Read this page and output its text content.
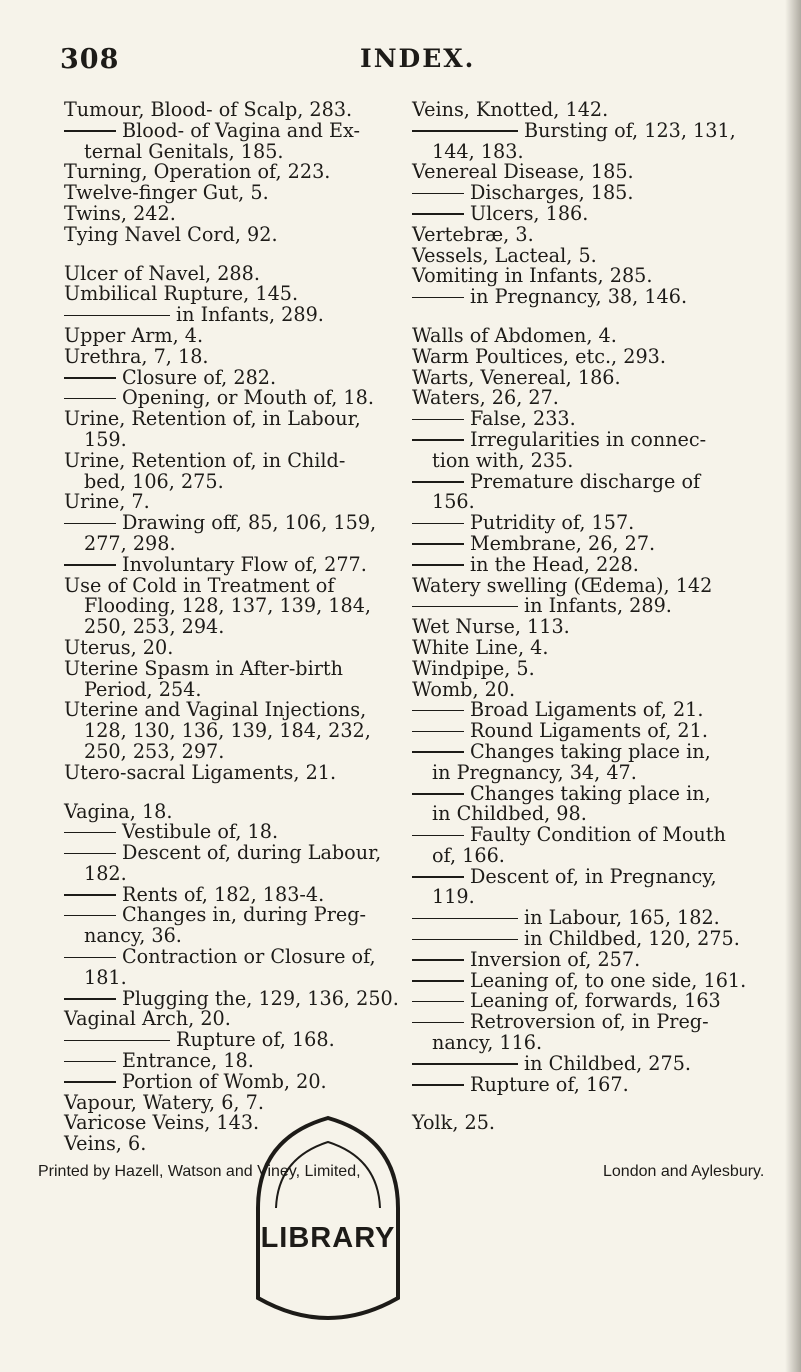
308	INDEX.
Tumour, Blood- of Scalp, 283.
Blood- of Vagina and Ex-
ternal Genitals, 185.
Turning, Operation of, 223.
Twelve-finger Gut, 5.
Twins, 242.
Tying Navel Cord, 92.
Ulcer of Navel, 288.
Umbilical Rupture, 145.
in Infants, 289.
Upper Arm, 4.
Urethra, 7, 18.
Closure of, 282.
Opening, or Mouth of, 18.
Urine, Retention of, in Labour,
159.
Urine, Retention of, in Child-
bed, 106, 275.
Urine, 7.
Drawing off, 85, 106, 159,
277, 298.
Involuntary Flow of, 277.
Use of Cold in Treatment of
Flooding, 128, 137, 139, 184,
250, 253, 294.
Uterus, 20.
Uterine Spasm in After-birth
Period, 254.
Uterine and Vaginal Injections,
128, 130, 136, 139, 184, 232,
250, 253, 297.
Utero-sacral Ligaments, 21.
Vagina, 18.
Vestibule of, 18.
Descent of, during Labour,
182.
Rents of, 182, 183-4.
Changes in, during Preg-
nancy, 36.
Contraction or Closure of,
181.
Plugging the, 129, 136, 250.
Vaginal Arch, 20.
Rupture of, 168.
Entrance, 18.
Portion of Womb, 20.
Vapour, Watery, 6, 7.
Varicose Veins, 143.
Veins, 6.
Veins, Knotted, 142.
Bursting of, 123, 131,
144, 183.
Venereal Disease, 185.
Discharges, 185.
Ulcers, 186.
Vertebræ, 3.
Vessels, Lacteal, 5.
Vomiting in Infants, 285.
in Pregnancy, 38, 146.
Walls of Abdomen, 4.
Warm Poultices, etc., 293.
Warts, Venereal, 186.
Waters, 26, 27.
False, 233.
Irregularities in connec-
tion with, 235.
Premature discharge of
156.
Putridity of, 157.
Membrane, 26, 27.
in the Head, 228.
Watery swelling (Œdema), 142
in Infants, 289.
Wet Nurse, 113.
White Line, 4.
Windpipe, 5.
Womb, 20.
Broad Ligaments of, 21.
Round Ligaments of, 21.
Changes taking place in,
in Pregnancy, 34, 47.
Changes taking place in,
in Childbed, 98.
Faulty Condition of Mouth
of, 166.
Descent of, in Pregnancy,
119.
in Labour, 165, 182.
in Childbed, 120, 275.
Inversion of, 257.
Leaning of, to one side, 161.
Leaning of, forwards, 163
Retroversion of, in Preg-
nancy, 116.
in Childbed, 275.
Rupture of, 167.
Yolk, 25.
LIBRARY
Printed by Hazell, Watson and Viney, Limited,	London and Aylesbury.
